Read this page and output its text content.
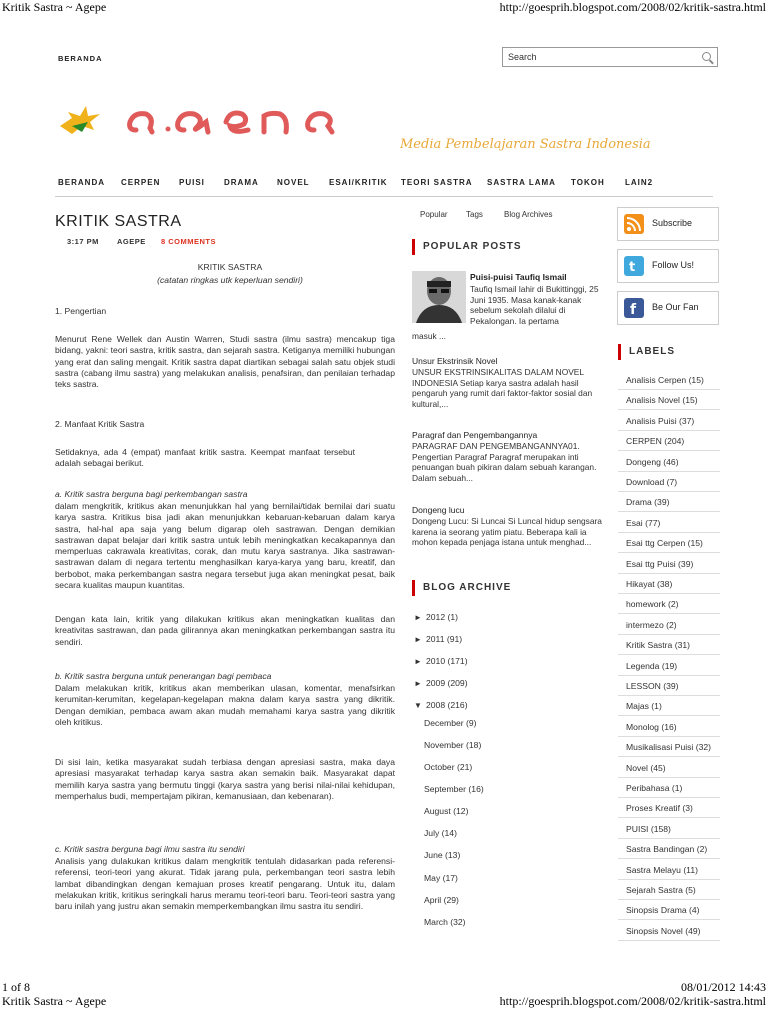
Kritik Sastra ~ Agepe	http://goesprih.blogspot.com/2008/02/kritik-sastra.html
1 of 8	08/01/2012 14:43
Kritik Sastra ~ Agepe	http://goesprih.blogspot.com/2008/02/kritik-sastra.html
BERANDA	Search
Media Pembelajaran Sastra Indonesia
BERANDA CERPEN PUISI DRAMA NOVEL ESAI/KRITIK TEORI SASTRA SASTRA LAMA TOKOH	LAIN2
KRITIK SASTRA
3:17 PM AGEPE 8 COMMENTS
KRITIK SASTRA
(catatan ringkas utk keperluan sendiri)
1. Pengertian
Menurut Rene Wellek dan Austin Warren, Studi sastra (ilmu sastra) mencakup tiga bidang, yakni: teori sastra, kritik sastra, dan sejarah sastra. Ketiganya memiliki hubungan yang erat dan saling mengait. Kritik sastra dapat diartikan sebagai salah satu objek studi sastra (cabang ilmu sastra) yang melakukan analisis, penafsiran, dan penilaian terhadap teks sastra.
2. Manfaat Kritik Sastra
Setidaknya, ada 4 (empat) manfaat kritik sastra. Keempat manfaat tersebut adalah sebagai berikut.
a. Kritik sastra berguna bagi perkembangan sastra
dalam mengkritik, kritikus akan menunjukkan hal yang bernilai/tidak bernilai dari suatu karya sastra. Kritikus bisa jadi akan menunjukkan kebaruan-kebaruan dalam karya sastra, hal-hal apa saja yang belum digarap oleh sastrawan. Dengan demikian sastrawan dapat belajar dari kritik sastra untuk lebih meningkatkan kecakapannya dan memperluas cakrawala kreativitas, corak, dan mutu karya sastranya. Jika sastrawan-sastrawan dalam di negara tertentu menghasilkan karya-karya yang baru, kreatif, dan berbobot, maka perkembangan sastra negara tersebut juga akan meningkat pesat, baik secara kualitas maupun kuantitas.
Dengan kata lain, kritik yang dilakukan kritikus akan meningkatkan kualitas dan kreativitas sastrawan, dan pada gilirannya akan meningkatkan perkembangan sastra itu sendiri.
b. Kritik sastra berguna untuk penerangan bagi pembaca
Dalam melakukan kritik, kritikus akan memberikan ulasan, komentar, menafsirkan kerumitan-kerumitan, kegelapan-kegelapan makna dalam karya sastra yang dikritik. Dengan demikian, pembaca awam akan mudah memahami karya sastra yang dikritik oleh kritikus.
Di sisi lain, ketika masyarakat sudah terbiasa dengan apresiasi sastra, maka daya apresiasi masyarakat terhadap karya sastra akan semakin baik. Masyarakat dapat memilih karya sastra yang bermutu tinggi (karya sastra yang berisi nilai-nilai kehidupan, memperhalus budi, mempertajam pikiran, kemanusiaan, dan kebenaran).
c. Kritik sastra berguna bagi ilmu sastra itu sendiri
Analisis yang dulakukan kritikus dalam mengkritik tentulah didasarkan pada referensi-referensi, teori-teori yang akurat. Tidak jarang pula, perkembangan teori sastra lebih lambat dibandingkan dengan kemajuan proses kreatif pengarang. Untuk itu, dalam melakukan kritik, kritikus seringkali harus meramu teori-teori baru. Teori-teori sastra yang baru inilah yang justru akan semakin memperkembangkan ilmu sastra itu sendiri.
Popular Tags	Blog Archives
POPULAR POSTS
Puisi-puisi Taufiq Ismail
Taufiq Ismail lahir di Bukittinggi, 25 Juni 1935. Masa kanak-kanak sebelum sekolah dilalui di Pekalongan. Ia pertama
masuk ...
Unsur Ekstrinsik Novel
UNSUR EKSTRINSIKALITAS DALAM NOVEL INDONESIA Setiap karya sastra adalah hasil pengaruh yang rumit dari faktor-faktor sosial dan kultural,...
Paragraf dan Pengembangannya
PARAGRAF DAN PENGEMBANGANNYA01. Pengertian Paragraf Paragraf merupakan inti penuangan buah pikiran dalam sebuah karangan. Dalam sebuah...
Dongeng lucu
Dongeng Lucu: Si Luncai Si Luncal hidup sengsara karena ia seorang yatim piatu. Beberapa kali ia mohon kepada penjaga istana untuk menghad...
BLOG ARCHIVE
► 2012 (1)
► 2011 (91)
► 2010 (171)
► 2009 (209)
▼ 2008 (216)
December (9)
November (18)
October (21)
September (16)
August (12)
July (14)
June (13)
May (17)
April (29)
March (32)
Subscribe
t Follow Us!
f Be Our Fan
LABELS
Analisis Cerpen (15)
Analisis Novel (15)
Analisis Puisi (37)
CERPEN (204)
Dongeng (46)
Download (7)
Drama (39)
Esai (77)
Esai ttg Cerpen (15)
Esai ttg Puisi (39)
Hikayat (38)
homework (2)
intermezo (2)
Kritik Sastra (31)
Legenda (19)
LESSON (39)
Majas (1)
Monolog (16)
Musikalisasi Puisi (32)
Novel (45)
Peribahasa (1)
Proses Kreatif (3)
PUISI (158)
Sastra Bandingan (2)
Sastra Melayu (11)
Sejarah Sastra (5)
Sinopsis Drama (4)
Sinopsis Novel (49)
